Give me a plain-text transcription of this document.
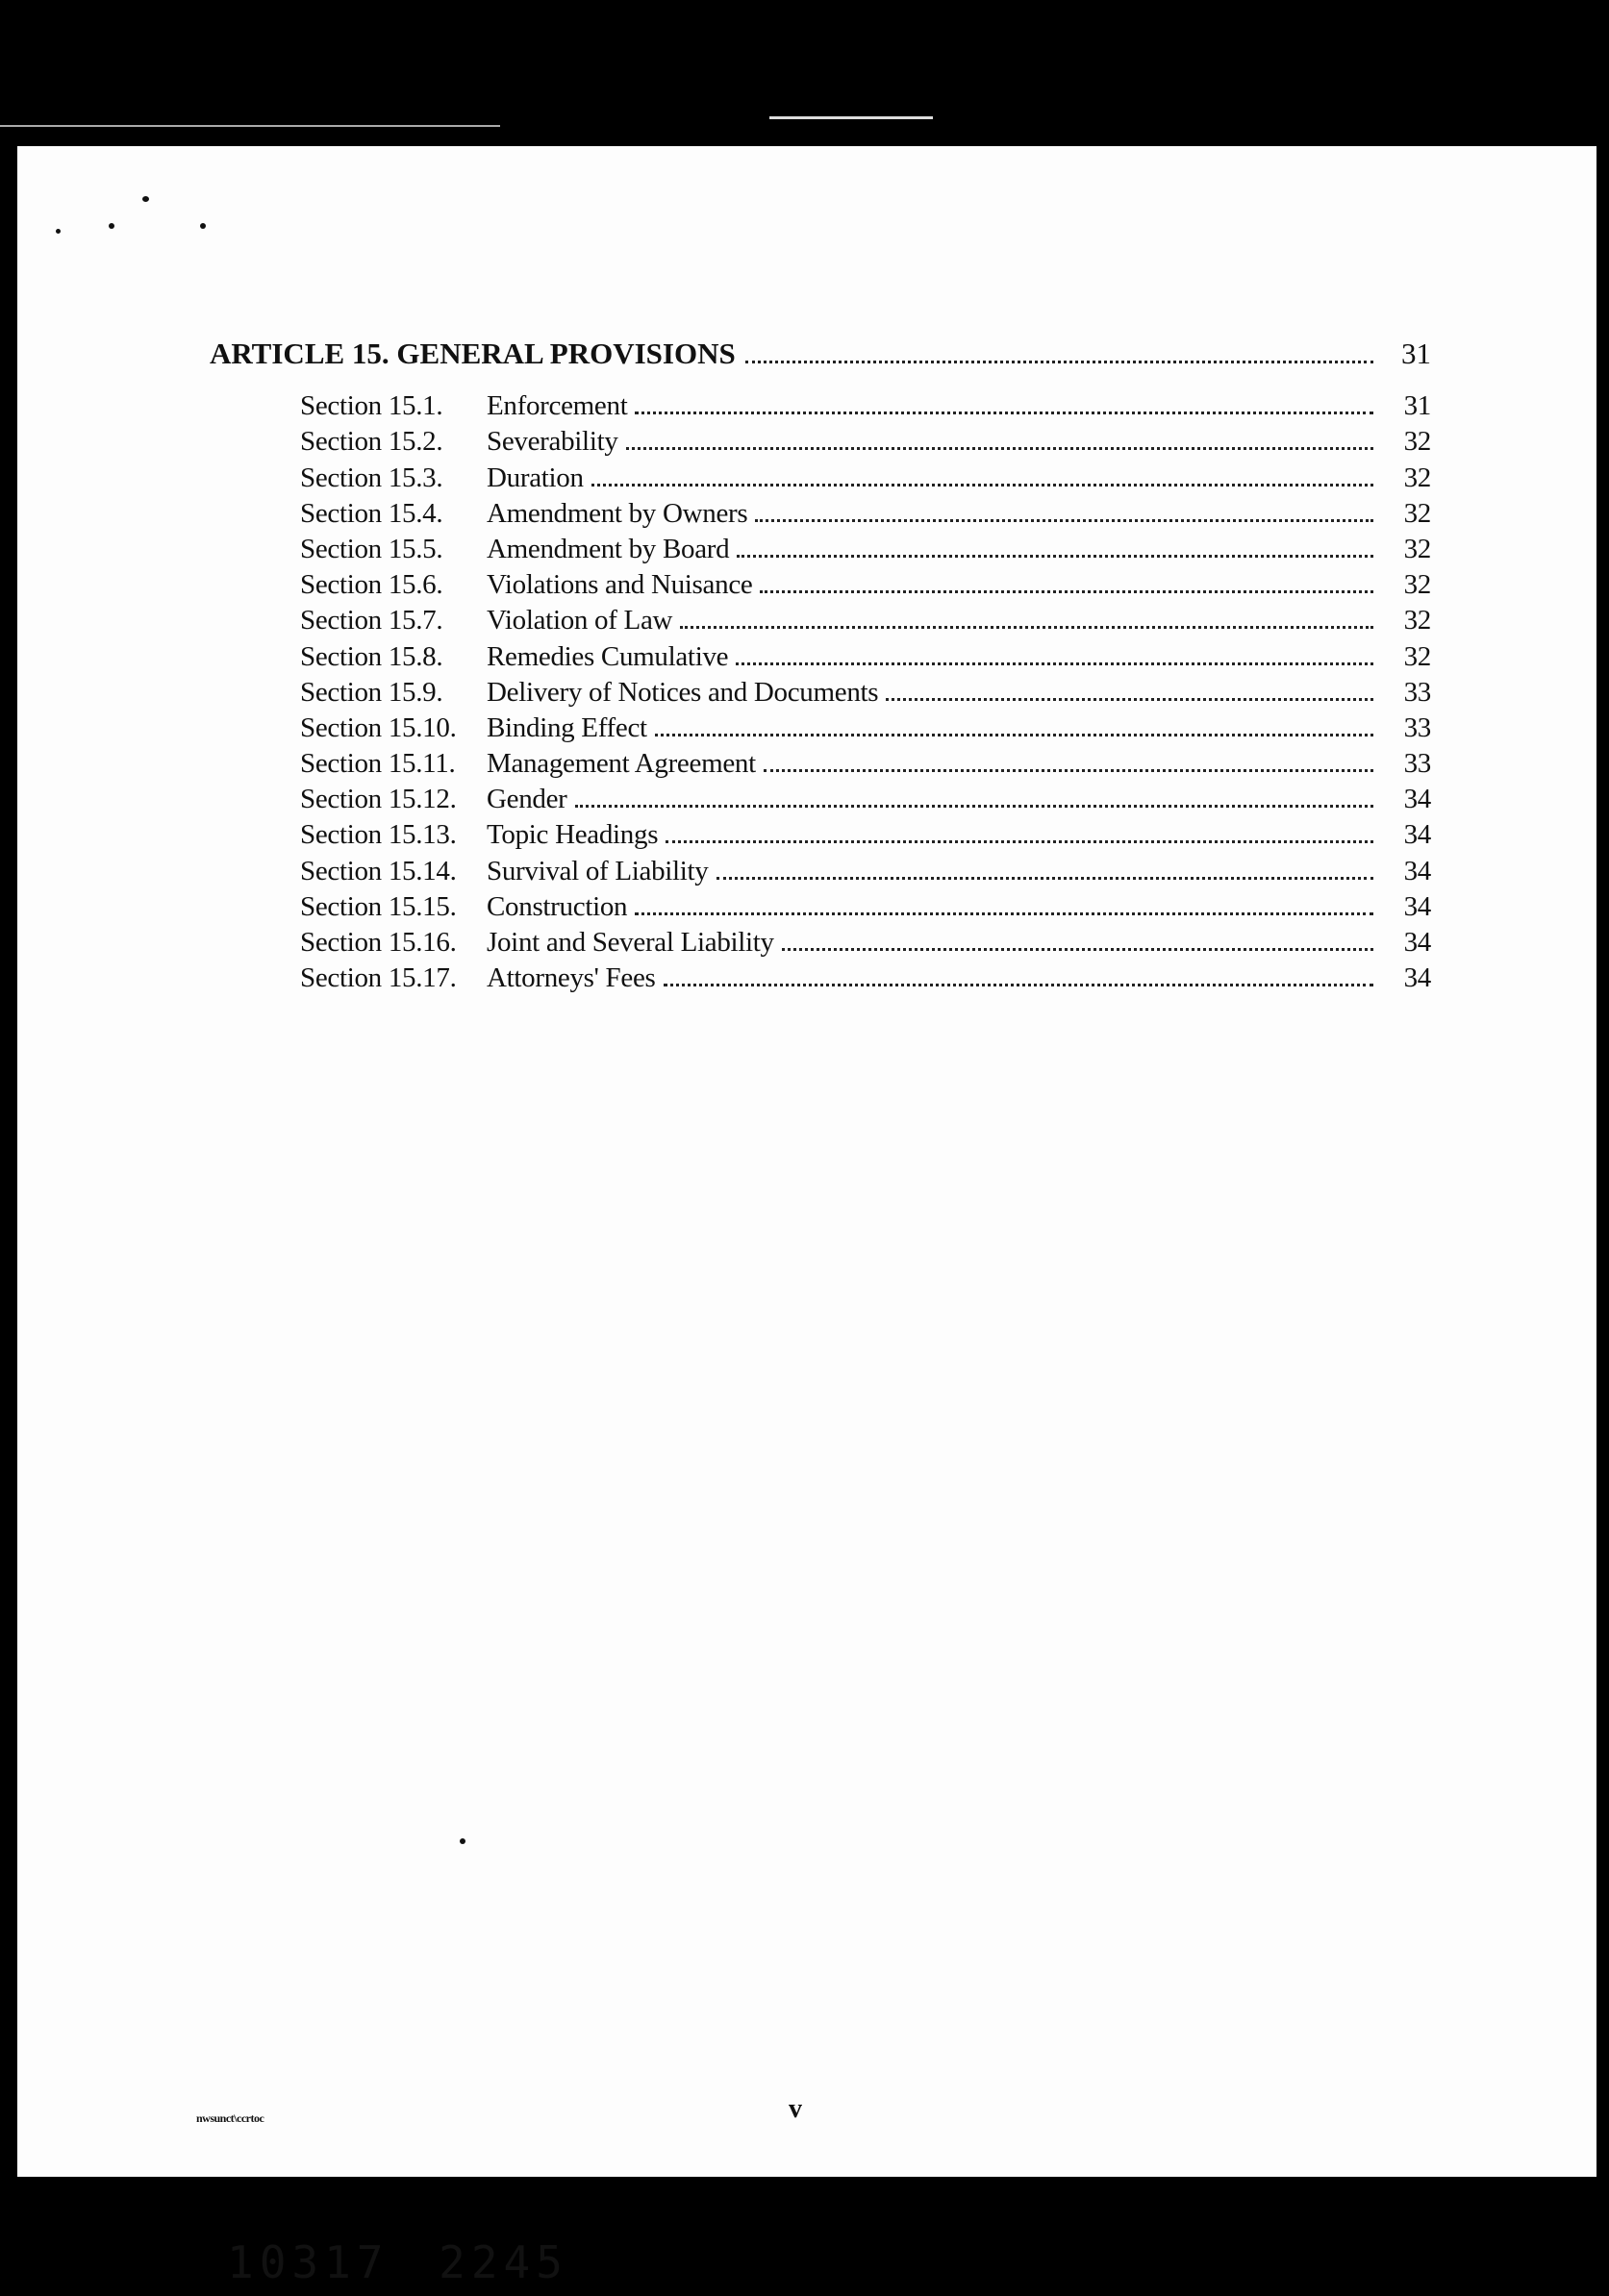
ARTICLE 15. GENERAL PROVISIONS	31
Section 15.1.	Enforcement	31
Section 15.2.	Severability	32
Section 15.3.	Duration	32
Section 15.4.	Amendment by Owners	32
Section 15.5.	Amendment by Board	32
Section 15.6.	Violations and Nuisance	32
Section 15.7.	Violation of Law	32
Section 15.8.	Remedies Cumulative	32
Section 15.9.	Delivery of Notices and Documents	33
Section 15.10.	Binding Effect	33
Section 15.11.	Management Agreement	33
Section 15.12.	Gender	34
Section 15.13.	Topic Headings	34
Section 15.14.	Survival of Liability	34
Section 15.15.	Construction	34
Section 15.16.	Joint and Several Liability	34
Section 15.17.	Attorneys' Fees	34
nwsunct\ccrtoc	v
10317 2245
